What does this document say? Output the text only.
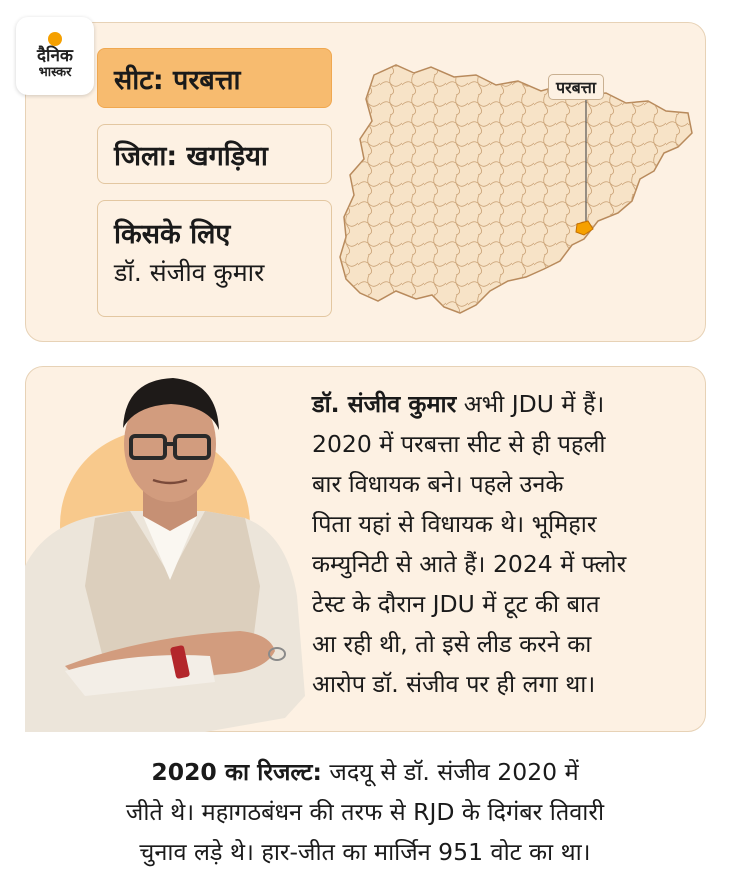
दैनिक
भास्कर सीट: परबत्ता
जिला: खगड़िया
किसके लिए
डॉ. संजीव कुमार
परबत्ता
डॉ. संजीव कुमार अभी JDU में हैं।
2020 में परबत्ता सीट से ही पहली
बार विधायक बने। पहले उनके
पिता यहां से विधायक थे। भूमिहार
कम्युनिटी से आते हैं। 2024 में फ्लोर
टेस्ट के दौरान JDU में टूट की बात
आ रही थी, तो इसे लीड करने का
आरोप डॉ. संजीव पर ही लगा था।
2020 का रिजल्ट: जदयू से डॉ. संजीव 2020 में
जीते थे। महागठबंधन की तरफ से RJD के दिगंबर तिवारी
चुनाव लड़े थे। हार-जीत का मार्जिन 951 वोट का था।
